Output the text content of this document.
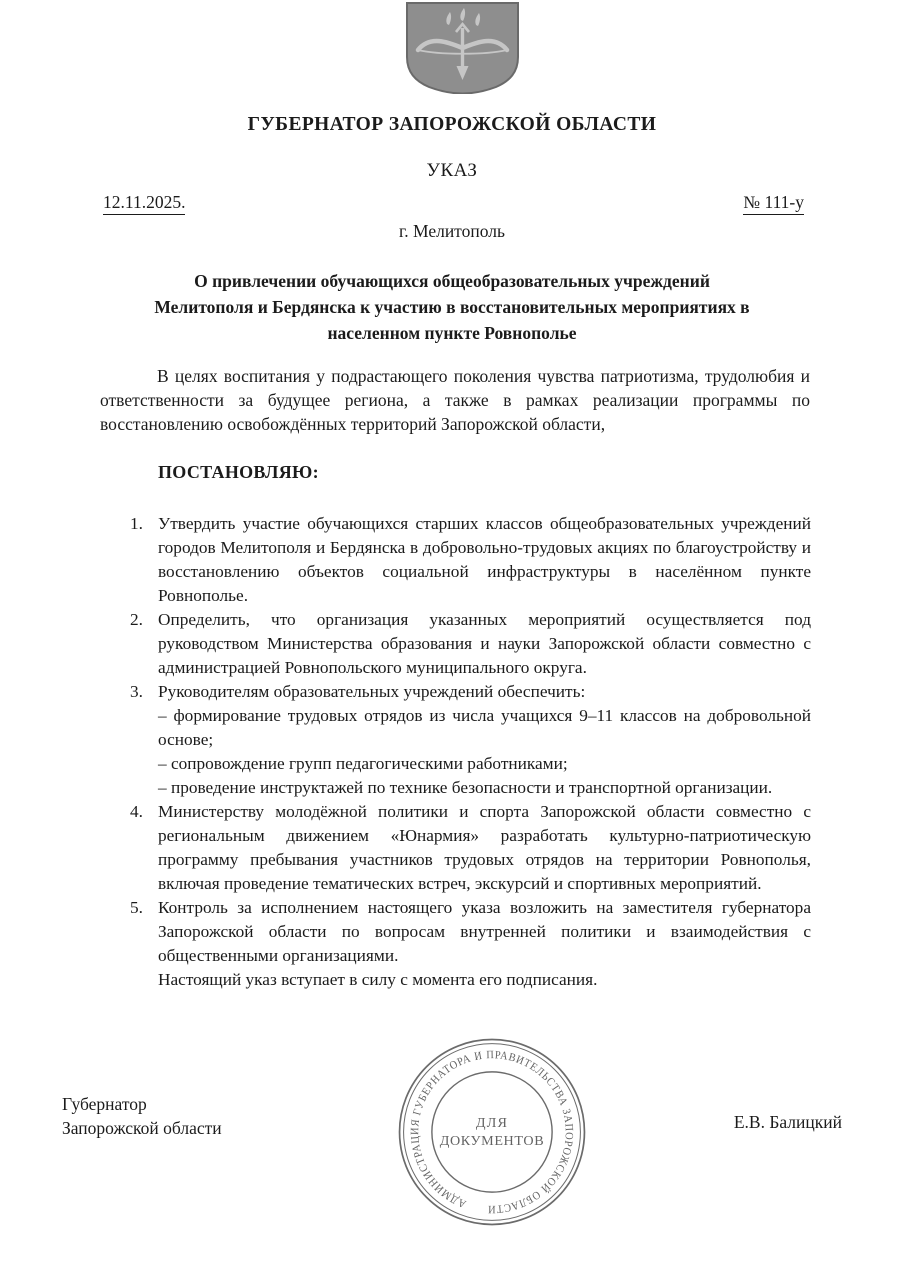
ГУБЕРНАТОР ЗАПОРОЖСКОЙ ОБЛАСТИ
УКАЗ
12.11.2025.	№ 111-у
г. Мелитополь
О привлечении обучающихся общеобразовательных учреждений
Мелитополя и Бердянска к участию в восстановительных мероприятиях в
населенном пункте Ровнополье
В целях воспитания у подрастающего поколения чувства патриотизма, трудолюбия и ответственности за будущее региона, а также в рамках реализации программы по восстановлению освобождённых территорий Запорожской области,
ПОСТАНОВЛЯЮ:
1. Утвердить участие обучающихся старших классов общеобразовательных учреждений городов Мелитополя и Бердянска в добровольно-трудовых акциях по благоустройству и восстановлению объектов социальной инфраструктуры в населённом пункте Ровнополье.
2. Определить, что организация указанных мероприятий осуществляется под руководством Министерства образования и науки Запорожской области совместно с администрацией Ровнопольского муниципального округа.
3. Руководителям образовательных учреждений обеспечить:
– формирование трудовых отрядов из числа учащихся 9–11 классов на добровольной основе;
– сопровождение групп педагогическими работниками;
– проведение инструктажей по технике безопасности и транспортной организации.
4. Министерству молодёжной политики и спорта Запорожской области совместно с региональным движением «Юнармия» разработать культурно-патриотическую программу пребывания участников трудовых отрядов на территории Ровнополья, включая проведение тематических встреч, экскурсий и спортивных мероприятий.
5. Контроль за исполнением настоящего указа возложить на заместителя губернатора Запорожской области по вопросам внутренней политики и взаимодействия с общественными организациями.
Настоящий указ вступает в силу с момента его подписания.
Губернатор
Запорожской области	Е.В. Балицкий
АДМИНИСТРАЦИЯ ГУБЕРНАТОРА И ПРАВИТЕЛЬСТВА ЗАПОРОЖСКОЙ ОБЛАСТИ
ДЛЯ
ДОКУМЕНТОВ
